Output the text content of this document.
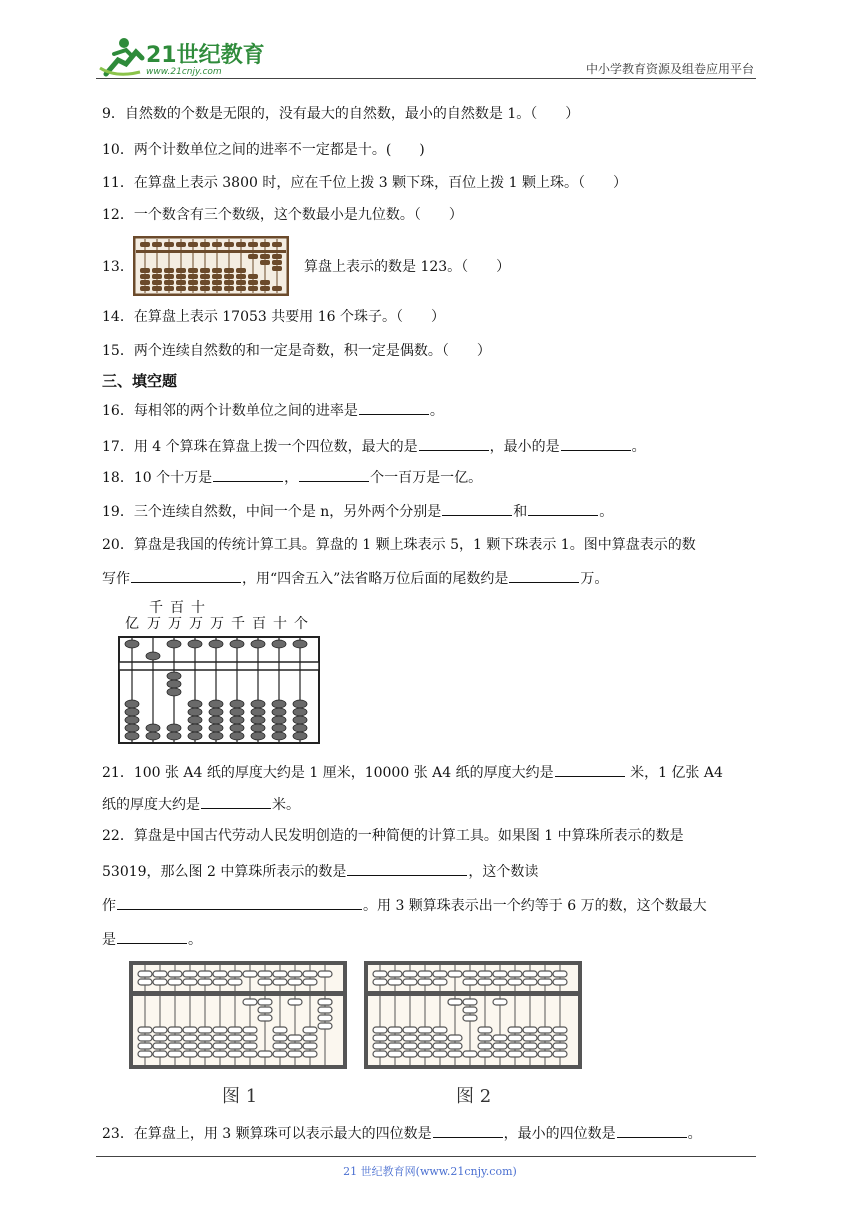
21世纪教育
www.21cnjy.com	中小学教育资源及组卷应用平台
9．自然数的个数是无限的，没有最大的自然数，最小的自然数是 1。（　　）
10．两个计数单位之间的进率不一定都是十。(　　)
11．在算盘上表示 3800 时，应在千位上拨 3 颗下珠，百位上拨 1 颗上珠。（　　）
12．一个数含有三个数级，这个数最小是九位数。（　　）
13．	算盘上表示的数是 123。（　　）
14．在算盘上表示 17053 共要用 16 个珠子。（　　）
15．两个连续自然数的和一定是奇数，积一定是偶数。（　　）
三、填空题
16．每相邻的两个计数单位之间的进率是	。
17．用 4 个算珠在算盘上拨一个四位数，最大的是	，最小的是	。
18．10 个十万是	，	个一百万是一亿。
19．三个连续自然数，中间一个是 n，另外两个分别是	和	。
20．算盘是我国的传统计算工具。算盘的 1 颗上珠表示 5，1 颗下珠表示 1。图中算盘表示的数
写作	，用“四舍五入”法省略万位后面的尾数约是	万。
千 百 十
亿 万 万 万 万 千 百 十 个
21．100 张 A4 纸的厚度大约是 1 厘米，10000 张 A4 纸的厚度大约是	米，1 亿张 A4
纸的厚度大约是	米。
22．算盘是中国古代劳动人民发明创造的一种简便的计算工具。如果图 1 中算珠所表示的数是
53019，那么图 2 中算珠所表示的数是	，这个数读
作	。用 3 颗算珠表示出一个约等于 6 万的数，这个数最大
是	。
图 1	图 2
23．在算盘上，用 3 颗算珠可以表示最大的四位数是	，最小的四位数是	。
21 世纪教育网(www.21cnjy.com)
